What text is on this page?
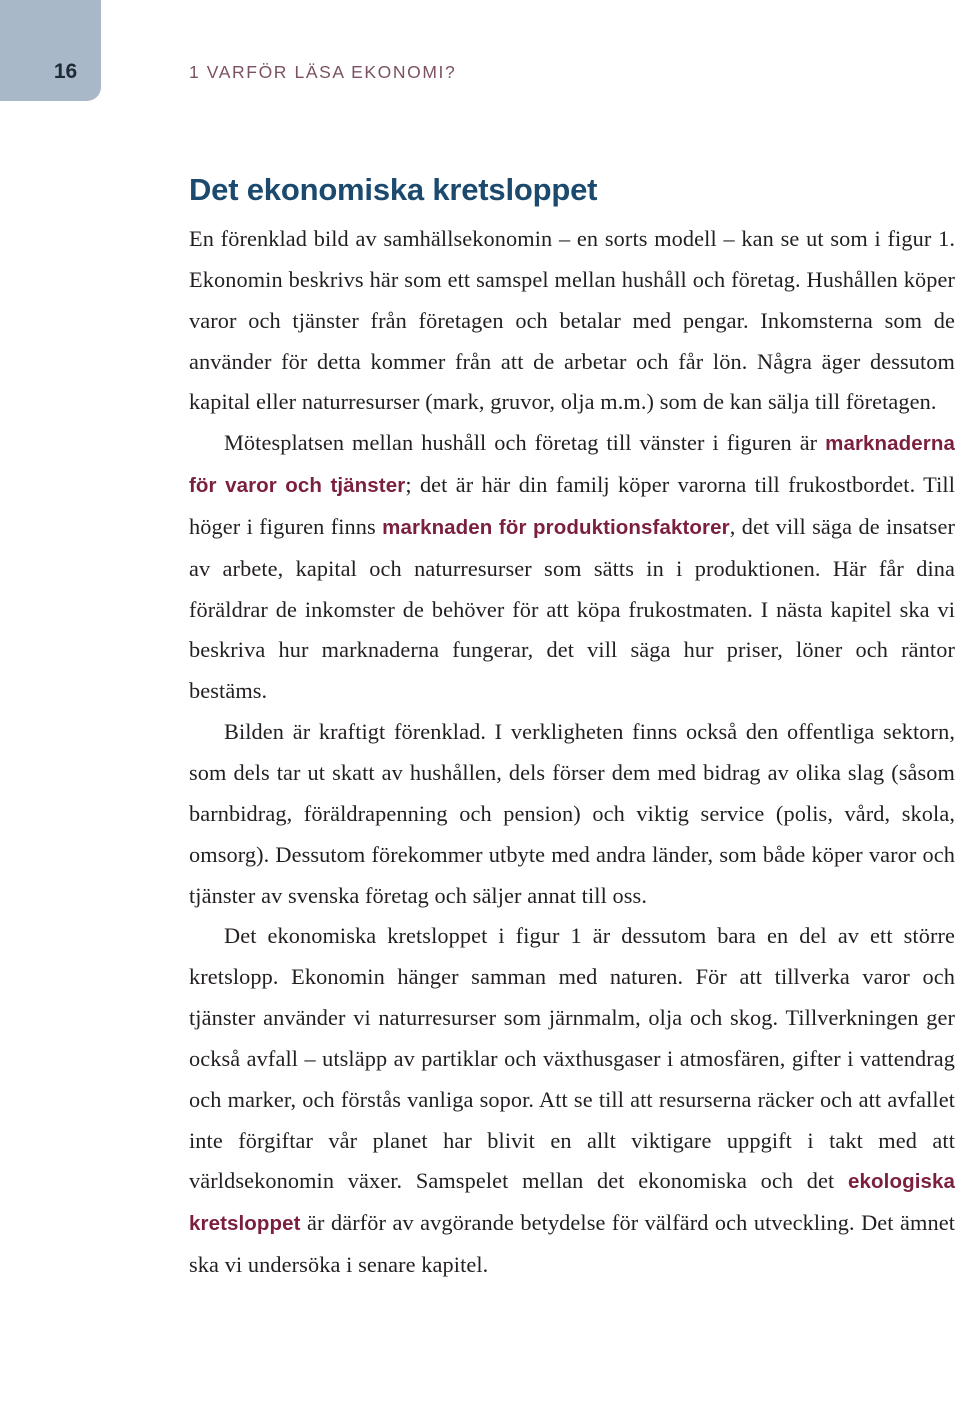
16	1 VARFÖR LÄSA EKONOMI?
Det ekonomiska kretsloppet

En förenklad bild av samhällsekonomin – en sorts modell – kan se ut som i figur 1. Ekonomin beskrivs här som ett samspel mellan hushåll och företag. Hushållen köper varor och tjänster från företagen och betalar med pengar. Inkomsterna som de använder för detta kommer från att de arbetar och får lön. Några äger dessutom kapital eller naturresurser (mark, gruvor, olja m.m.) som de kan sälja till företagen.

Mötesplatsen mellan hushåll och företag till vänster i figuren är marknaderna för varor och tjänster; det är här din familj köper varorna till frukostbordet. Till höger i figuren finns marknaden för produktionsfaktorer, det vill säga de insatser av arbete, kapital och naturresurser som sätts in i produktionen. Här får dina föräldrar de inkomster de behöver för att köpa frukostmaten. I nästa kapitel ska vi beskriva hur marknaderna fungerar, det vill säga hur priser, löner och räntor bestäms.

Bilden är kraftigt förenklad. I verkligheten finns också den offentliga sektorn, som dels tar ut skatt av hushållen, dels förser dem med bidrag av olika slag (såsom barnbidrag, föräldrapenning och pension) och viktig service (polis, vård, skola, omsorg). Dessutom förekommer utbyte med andra länder, som både köper varor och tjänster av svenska företag och säljer annat till oss.

Det ekonomiska kretsloppet i figur 1 är dessutom bara en del av ett större kretslopp. Ekonomin hänger samman med naturen. För att tillverka varor och tjänster använder vi naturresurser som järnmalm, olja och skog. Tillverkningen ger också avfall – utsläpp av partiklar och växthusgaser i atmosfären, gifter i vattendrag och marker, och förstås vanliga sopor. Att se till att resurserna räcker och att avfallet inte förgiftar vår planet har blivit en allt viktigare uppgift i takt med att världsekonomin växer. Samspelet mellan det ekonomiska och det ekologiska kretsloppet är därför av avgörande betydelse för välfärd och utveckling. Det ämnet ska vi undersöka i senare kapitel.
